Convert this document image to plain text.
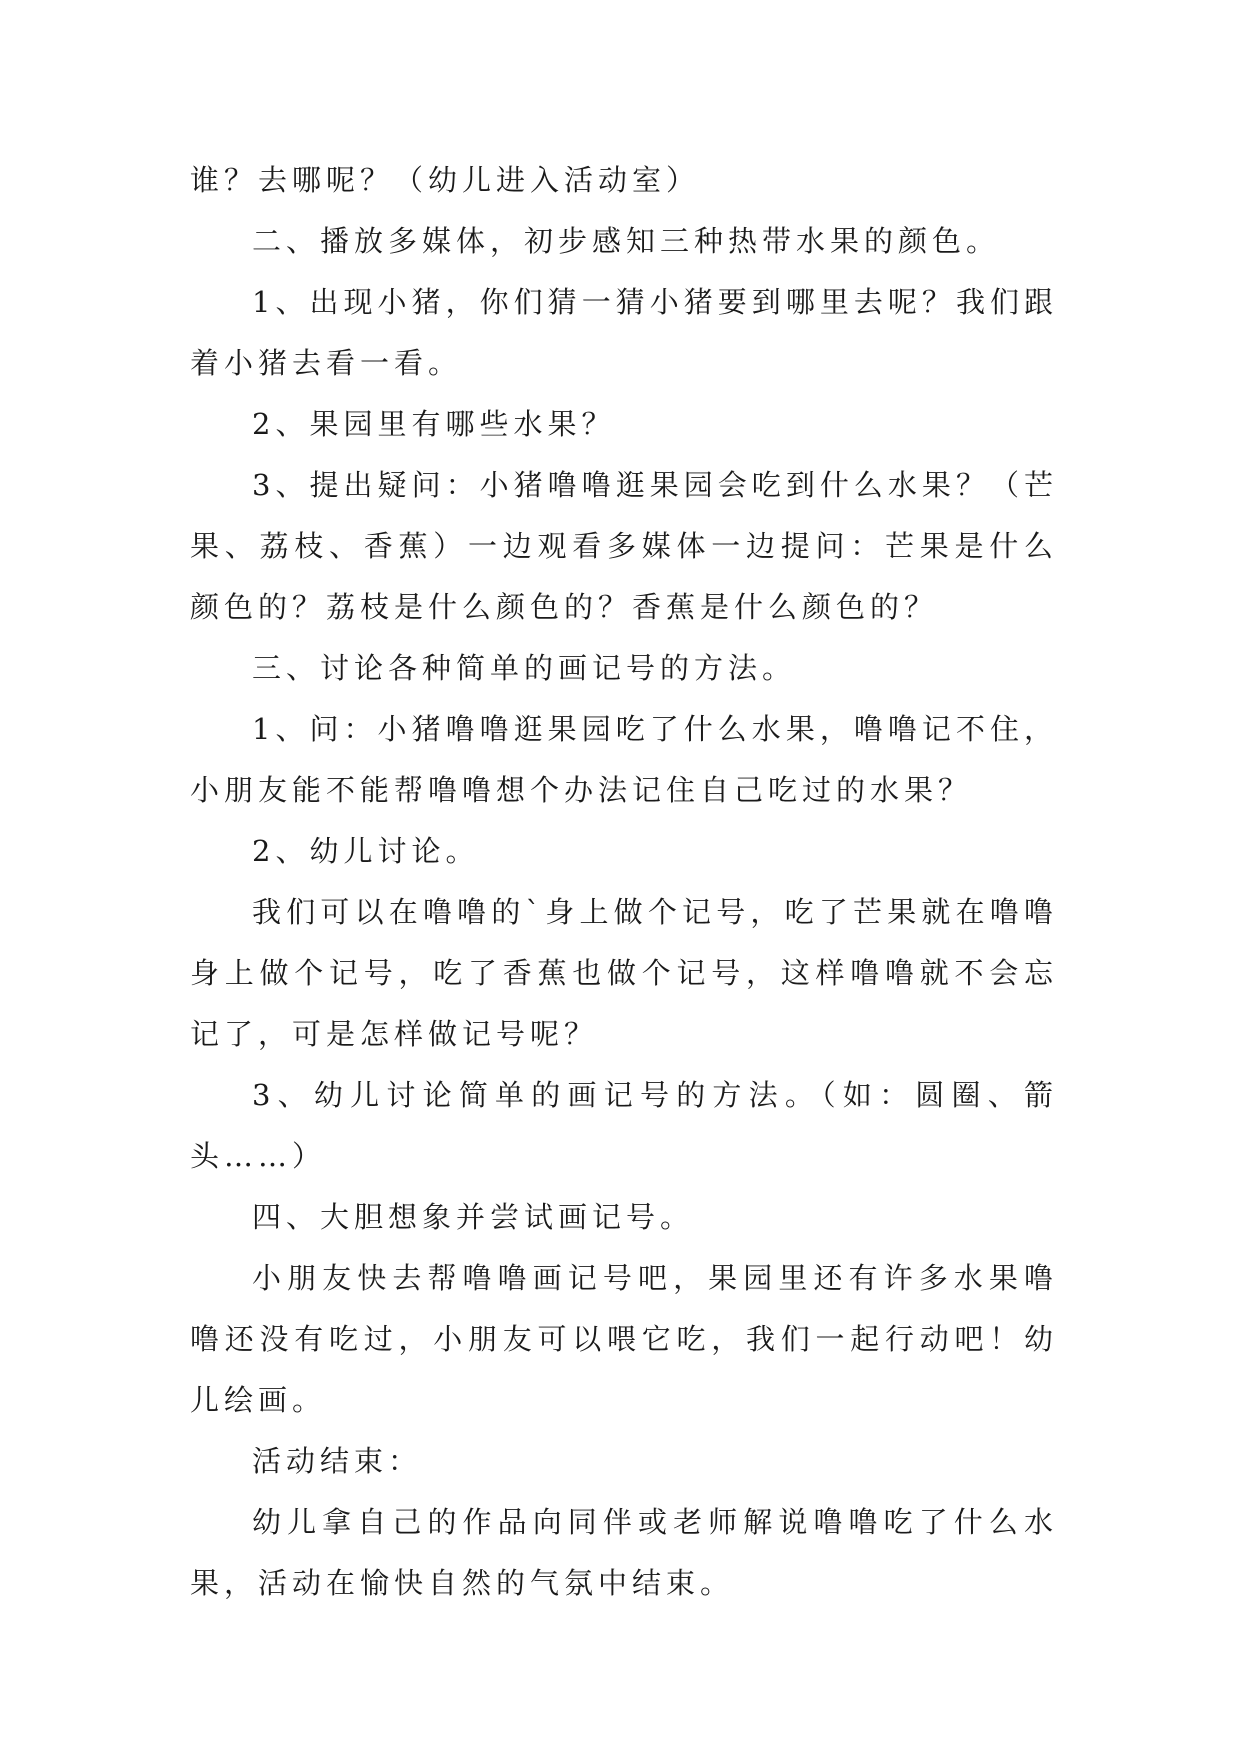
谁？去哪呢？（幼儿进入活动室）

二、播放多媒体，初步感知三种热带水果的颜色。

1、出现小猪，你们猜一猜小猪要到哪里去呢？我们跟着小猪去看一看。

2、果园里有哪些水果？

3、提出疑问：小猪噜噜逛果园会吃到什么水果？（芒果、荔枝、香蕉）一边观看多媒体一边提问：芒果是什么颜色的？荔枝是什么颜色的？香蕉是什么颜色的？

三、讨论各种简单的画记号的方法。

1、问：小猪噜噜逛果园吃了什么水果，噜噜记不住，小朋友能不能帮噜噜想个办法记住自己吃过的水果？

2、幼儿讨论。

我们可以在噜噜的`身上做个记号，吃了芒果就在噜噜身上做个记号，吃了香蕉也做个记号，这样噜噜就不会忘记了，可是怎样做记号呢？

3、幼儿讨论简单的画记号的方法。（如：圆圈、箭头……）

四、大胆想象并尝试画记号。

小朋友快去帮噜噜画记号吧，果园里还有许多水果噜噜还没有吃过，小朋友可以喂它吃，我们一起行动吧！幼儿绘画。

活动结束：

幼儿拿自己的作品向同伴或老师解说噜噜吃了什么水果，活动在愉快自然的气氛中结束。
